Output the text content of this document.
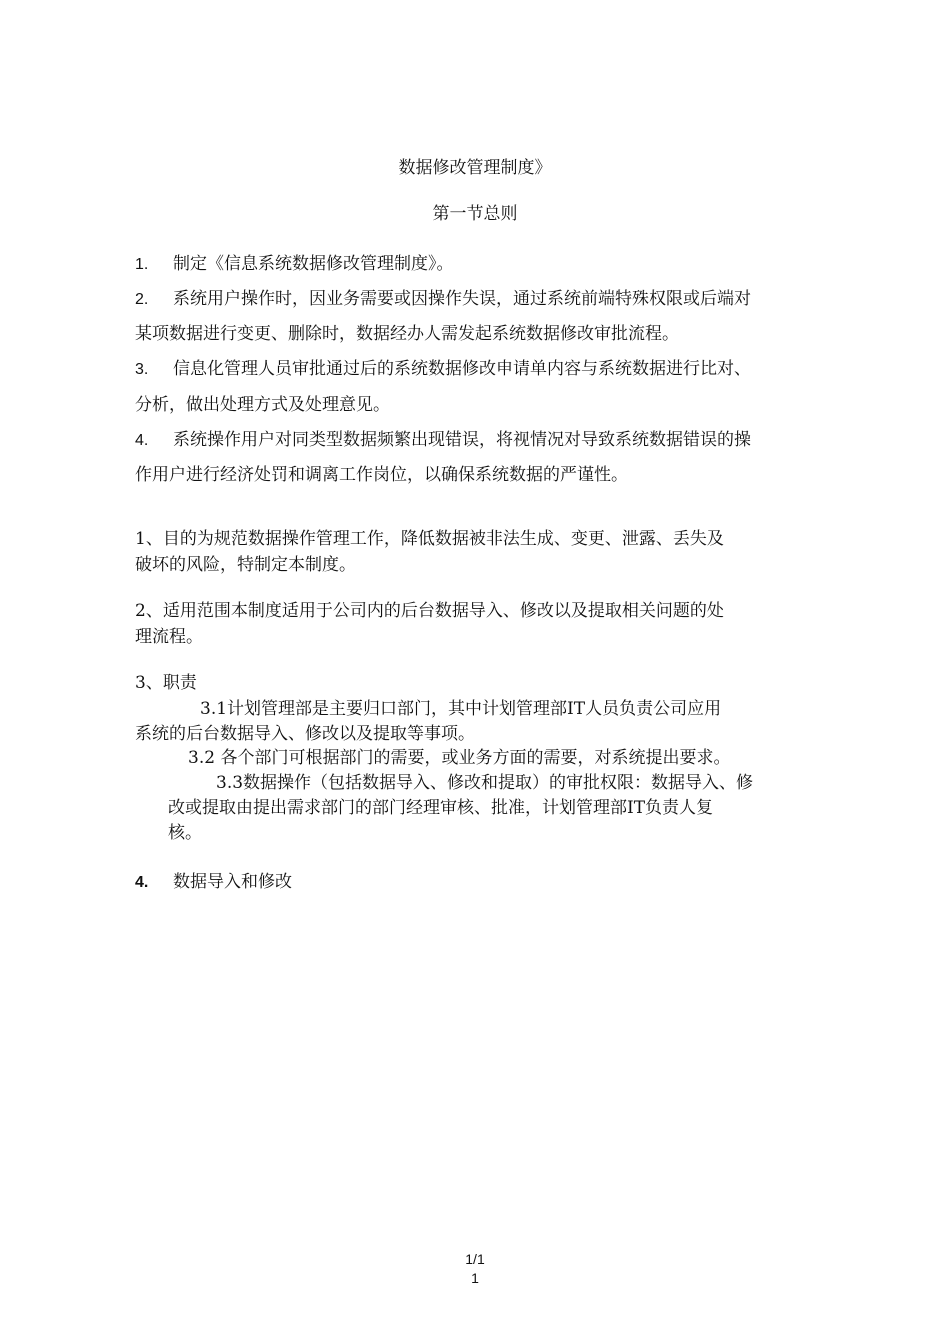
数据修改管理制度》
第一节总则
1. 制定《信息系统数据修改管理制度》。
2. 系统用户操作时，因业务需要或因操作失误，通过系统前端特殊权限或后端对
某项数据进行变更、删除时，数据经办人需发起系统数据修改审批流程。
3. 信息化管理人员审批通过后的系统数据修改申请单内容与系统数据进行比对、
分析，做出处理方式及处理意见。
4. 系统操作用户对同类型数据频繁出现错误，将视情况对导致系统数据错误的操
作用户进行经济处罚和调离工作岗位，以确保系统数据的严谨性。
1、目的为规范数据操作管理工作，降低数据被非法生成、变更、泄露、丢失及
破坏的风险，特制定本制度。
2、适用范围本制度适用于公司内的后台数据导入、修改以及提取相关问题的处
理流程。
3、职责
3.1计划管理部是主要归口部门，其中计划管理部IT人员负责公司应用
系统的后台数据导入、修改以及提取等事项。
3.2 各个部门可根据部门的需要，或业务方面的需要，对系统提出要求。
3.3数据操作（包括数据导入、修改和提取）的审批权限：数据导入、修
改或提取由提出需求部门的部门经理审核、批准，计划管理部IT负责人复
核。
4. 数据导入和修改
1/1
1
